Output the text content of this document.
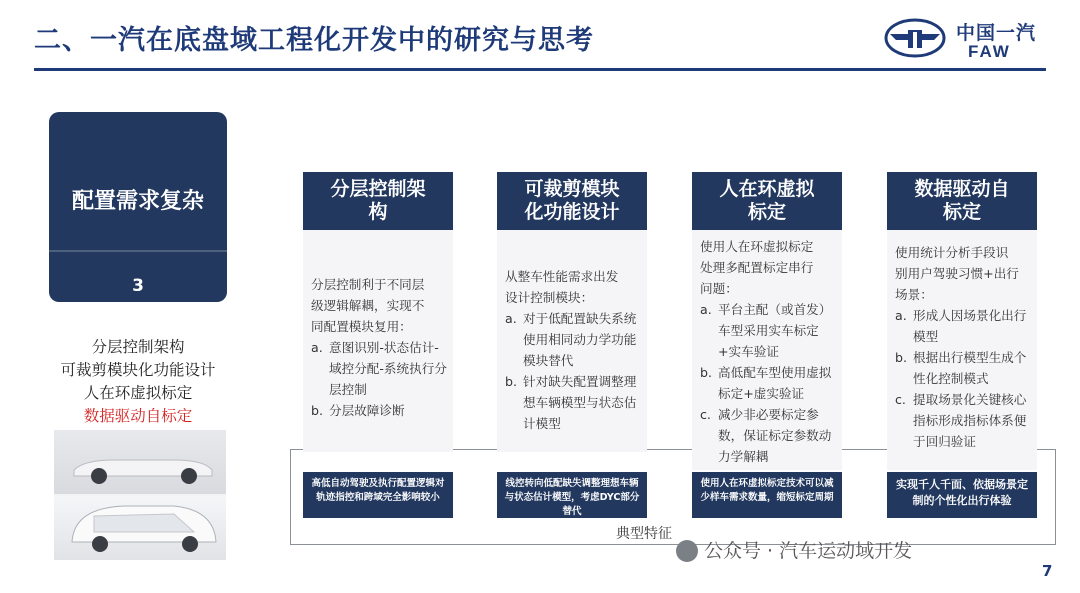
二、一汽在底盘域工程化开发中的研究与思考	中国一汽
FAW
配置需求复杂
3
分层控制架构
可裁剪模块化功能设计
人在环虚拟标定
数据驱动自标定
分层控制架
构
分层控制利于不同层
级逻辑解耦，实现不
同配置模块复用：
a. 意图识别-状态估计-域控分配-系统执行分层控制
b. 分层故障诊断
高低自动驾驶及执行配置逻辑对轨迹指控和跨域完全影响较小
可裁剪模块
化功能设计
从整车性能需求出发
设计控制模块：
a. 对于低配置缺失系统使用相同动力学功能模块替代
b. 针对缺失配置调整理想车辆模型与状态估计模型
线控转向低配缺失调整理想车辆与状态估计模型，考虑DYC部分替代
人在环虚拟
标定
使用人在环虚拟标定
处理多配置标定串行
问题：
a. 平台主配（或首发）车型采用实车标定+实车验证
b. 高低配车型使用虚拟标定+虚实验证
c. 减少非必要标定参数，保证标定参数动力学解耦
使用人在环虚拟标定技术可以减少样车需求数量，缩短标定周期
数据驱动自
标定
使用统计分析手段识
别用户驾驶习惯+出行
场景：
a. 形成人因场景化出行模型
b. 根据出行模型生成个性化控制模式
c. 提取场景化关键核心指标形成指标体系便于回归验证
实现千人千面、依据场景定制的个性化出行体验
典型特征
公众号 · 汽车运动域开发
7
